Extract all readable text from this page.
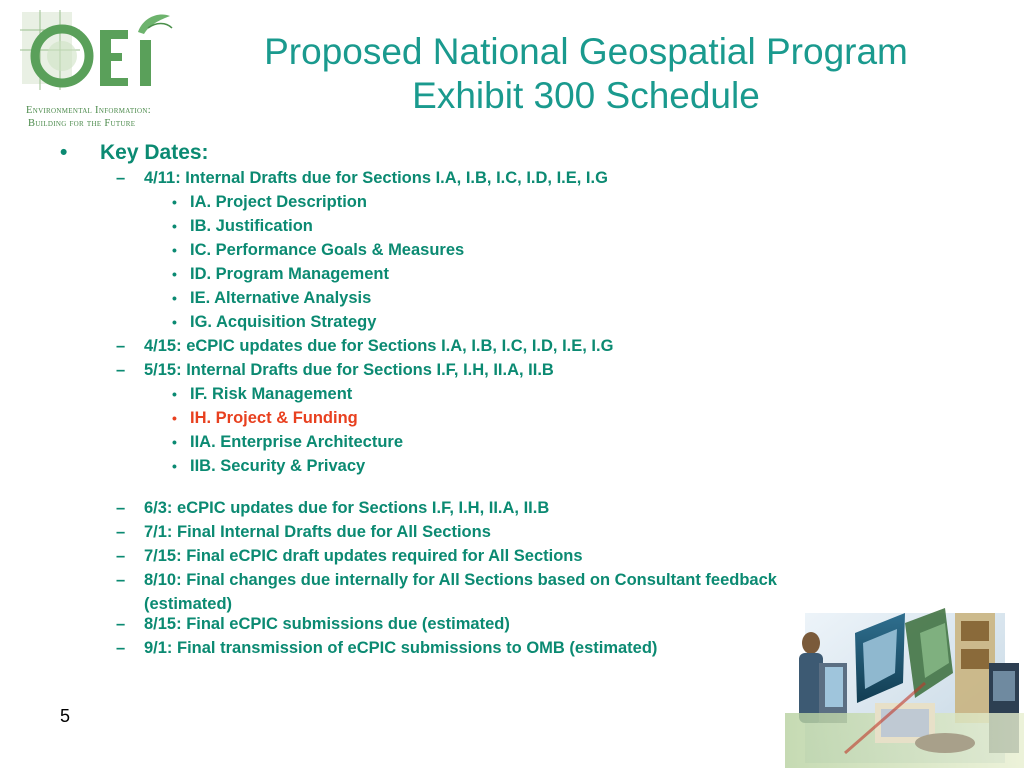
Environmental Information:
Building for the Future
Proposed National Geospatial Program
Exhibit 300 Schedule
• Key Dates:
– 4/11: Internal Drafts due for Sections I.A, I.B, I.C, I.D, I.E, I.G
• IA. Project Description
• IB. Justification
• IC. Performance Goals & Measures
• ID. Program Management
• IE. Alternative Analysis
• IG. Acquisition Strategy
– 4/15: eCPIC updates due for Sections I.A, I.B, I.C, I.D, I.E, I.G
– 5/15: Internal Drafts due for Sections I.F, I.H, II.A, II.B
• IF. Risk Management
• IH. Project & Funding
• IIA. Enterprise Architecture
• IIB. Security & Privacy
– 6/3: eCPIC updates due for Sections I.F, I.H, II.A, II.B
– 7/1: Final Internal Drafts due for All Sections
– 7/15: Final eCPIC draft updates required for All Sections
– 8/10: Final changes due internally for All Sections based on Consultant feedback
(estimated)
– 8/15: Final eCPIC submissions due (estimated)
– 9/1: Final transmission of eCPIC submissions to OMB (estimated)
5
